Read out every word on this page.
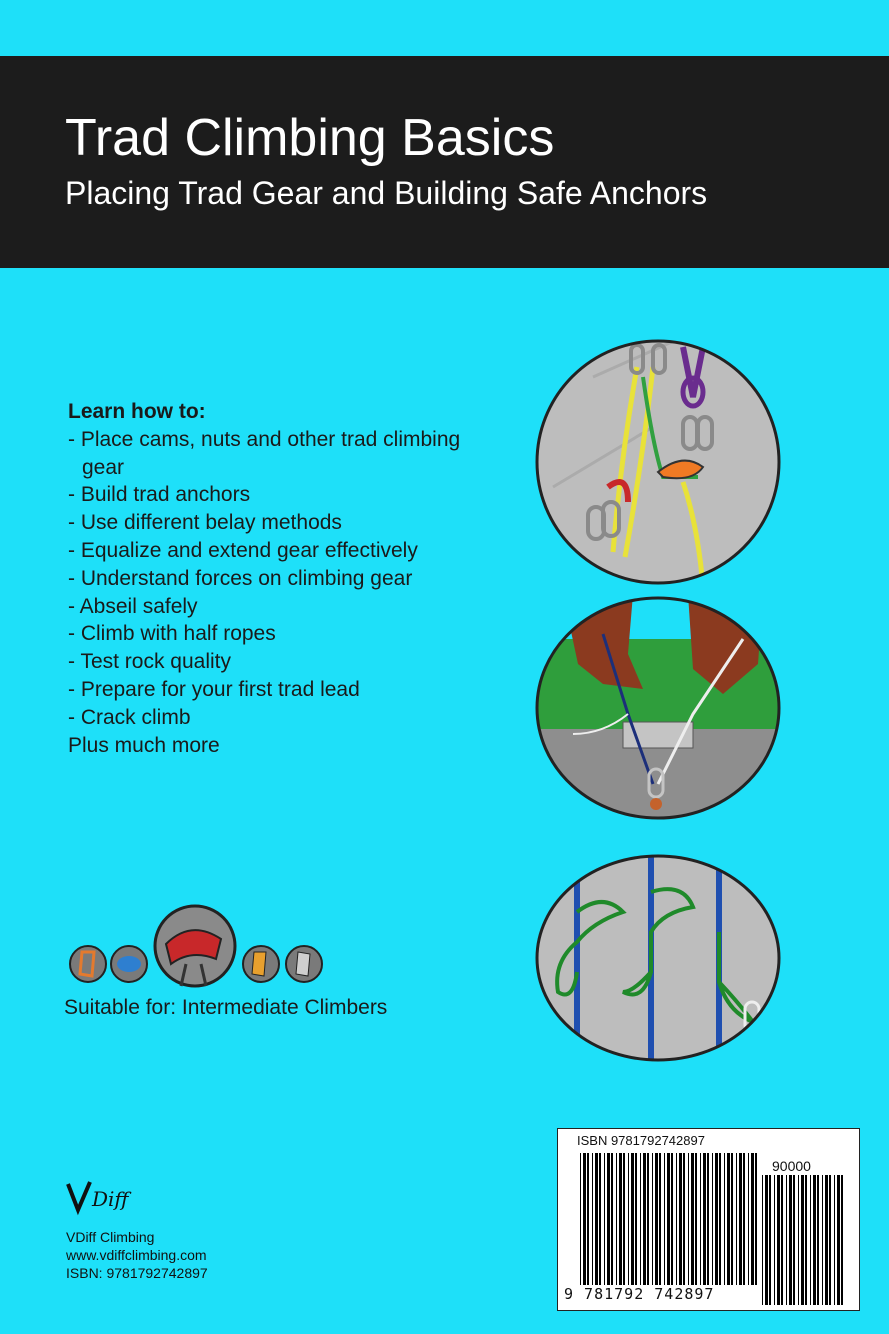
Trad Climbing Basics
Placing Trad Gear and Building Safe Anchors
Learn how to:
- Place cams, nuts and other trad climbing gear
- Build trad anchors
- Use different belay methods
- Equalize and extend gear effectively
- Understand forces on climbing gear
- Abseil safely
- Climb with half ropes
- Test rock quality
- Prepare for your first trad lead
- Crack climb
Plus much more
Suitable for: Intermediate Climbers
Diff
VDiff Climbing
www.vdiffclimbing.com
ISBN: 9781792742897
ISBN 9781792742897
90000
9 781792 742897
